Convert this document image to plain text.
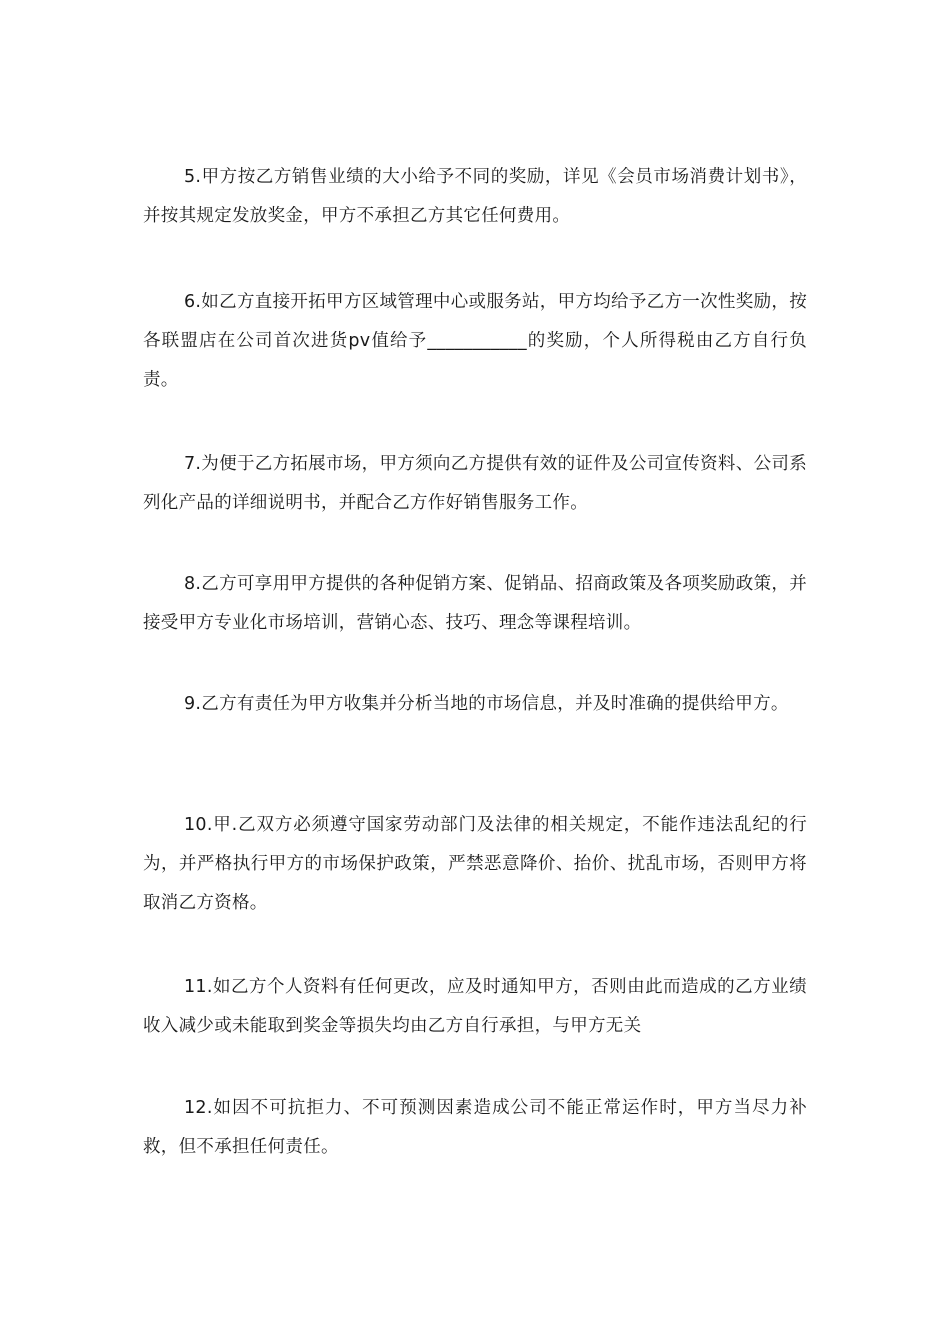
5.甲方按乙方销售业绩的大小给予不同的奖励，详见《会员市场消费计划书》，并按其规定发放奖金，甲方不承担乙方其它任何费用。

6.如乙方直接开拓甲方区域管理中心或服务站，甲方均给予乙方一次性奖励，按各联盟店在公司首次进货pv值给予___________的奖励，个人所得税由乙方自行负责。

7.为便于乙方拓展市场，甲方须向乙方提供有效的证件及公司宣传资料、公司系列化产品的详细说明书，并配合乙方作好销售服务工作。

8.乙方可享用甲方提供的各种促销方案、促销品、招商政策及各项奖励政策，并接受甲方专业化市场培训，营销心态、技巧、理念等课程培训。

9.乙方有责任为甲方收集并分析当地的市场信息，并及时准确的提供给甲方。

10.甲.乙双方必须遵守国家劳动部门及法律的相关规定，不能作违法乱纪的行为，并严格执行甲方的市场保护政策，严禁恶意降价、抬价、扰乱市场，否则甲方将取消乙方资格。

11.如乙方个人资料有任何更改，应及时通知甲方，否则由此而造成的乙方业绩收入减少或未能取到奖金等损失均由乙方自行承担，与甲方无关

12.如因不可抗拒力、不可预测因素造成公司不能正常运作时，甲方当尽力补救，但不承担任何责任。
